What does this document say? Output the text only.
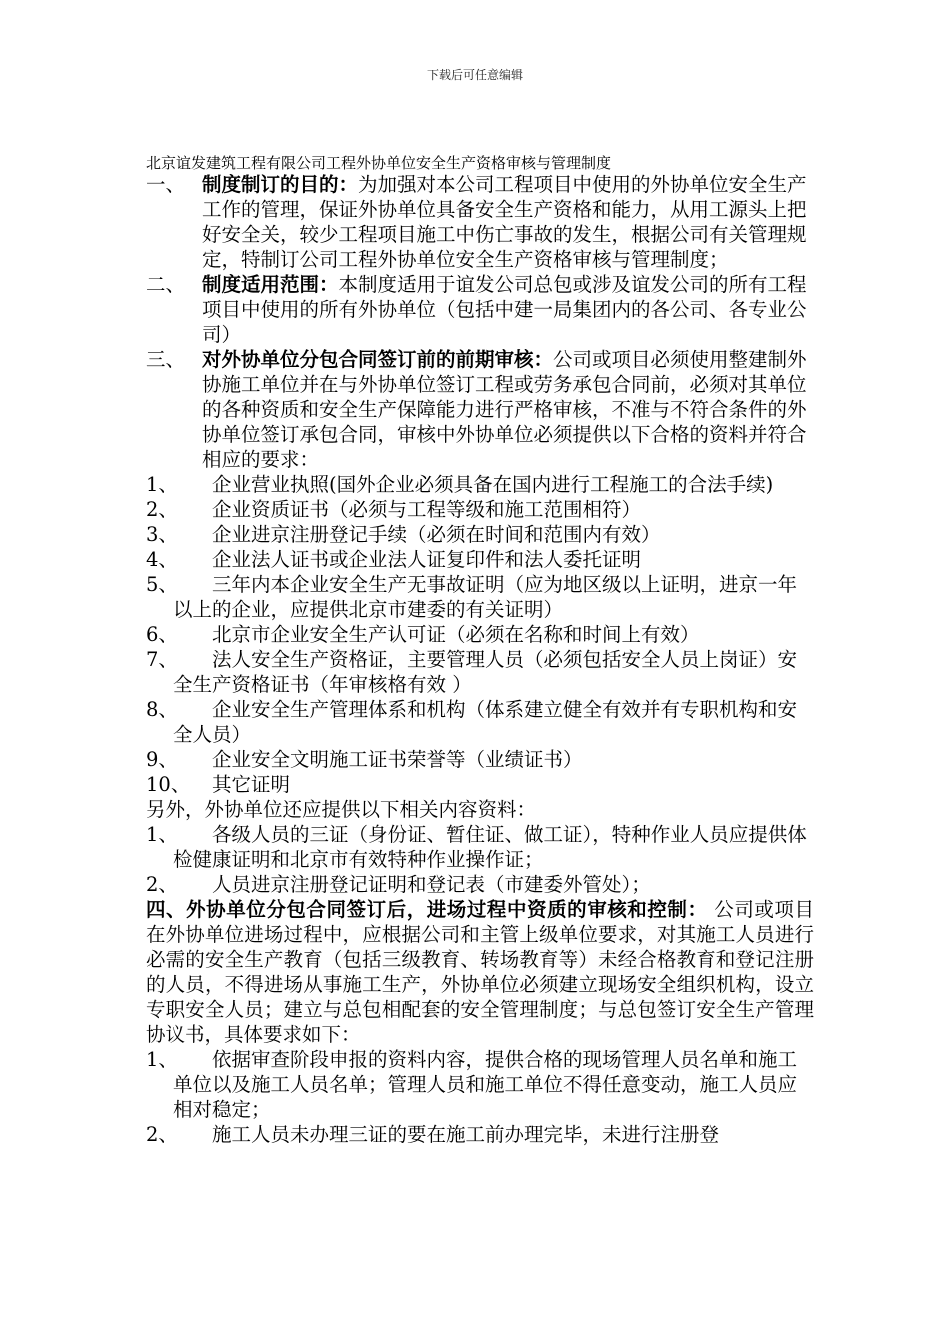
下载后可任意编辑
北京谊发建筑工程有限公司工程外协单位安全生产资格审核与管理制度
一、 制度制订的目的：为加强对本公司工程项目中使用的外协单位安全生产工作的管理，保证外协单位具备安全生产资格和能力，从用工源头上把好安全关，较少工程项目施工中伤亡事故的发生，根据公司有关管理规定，特制订公司工程外协单位安全生产资格审核与管理制度；
二、 制度适用范围：本制度适用于谊发公司总包或涉及谊发公司的所有工程项目中使用的所有外协单位（包括中建一局集团内的各公司、各专业公司）
三、 对外协单位分包合同签订前的前期审核：公司或项目必须使用整建制外协施工单位并在与外协单位签订工程或劳务承包合同前，必须对其单位的各种资质和安全生产保障能力进行严格审核，不准与不符合条件的外协单位签订承包合同，审核中外协单位必须提供以下合格的资料并符合相应的要求：
1、 企业营业执照(国外企业必须具备在国内进行工程施工的合法手续)
2、 企业资质证书（必须与工程等级和施工范围相符）
3、 企业进京注册登记手续（必须在时间和范围内有效）
4、 企业法人证书或企业法人证复印件和法人委托证明
5、 三年内本企业安全生产无事故证明（应为地区级以上证明，进京一年以上的企业，应提供北京市建委的有关证明）
6、 北京市企业安全生产认可证（必须在名称和时间上有效）
7、 法人安全生产资格证，主要管理人员（必须包括安全人员上岗证）安全生产资格证书（年审核格有效 ）
8、 企业安全生产管理体系和机构（体系建立健全有效并有专职机构和安全人员）
9、 企业安全文明施工证书荣誉等（业绩证书）
10、 其它证明
另外，外协单位还应提供以下相关内容资料：
1、 各级人员的三证（身份证、暂住证、做工证），特种作业人员应提供体检健康证明和北京市有效特种作业操作证；
2、 人员进京注册登记证明和登记表（市建委外管处）；
四、外协单位分包合同签订后，进场过程中资质的审核和控制： 公司或项目在外协单位进场过程中，应根据公司和主管上级单位要求，对其施工人员进行必需的安全生产教育（包括三级教育、转场教育等）未经合格教育和登记注册的人员，不得进场从事施工生产，外协单位必须建立现场安全组织机构，设立专职安全人员；建立与总包相配套的安全管理制度；与总包签订安全生产管理协议书，具体要求如下：
1、 依据审查阶段申报的资料内容，提供合格的现场管理人员名单和施工单位以及施工人员名单；管理人员和施工单位不得任意变动，施工人员应相对稳定；
2、 施工人员未办理三证的要在施工前办理完毕，未进行注册登
